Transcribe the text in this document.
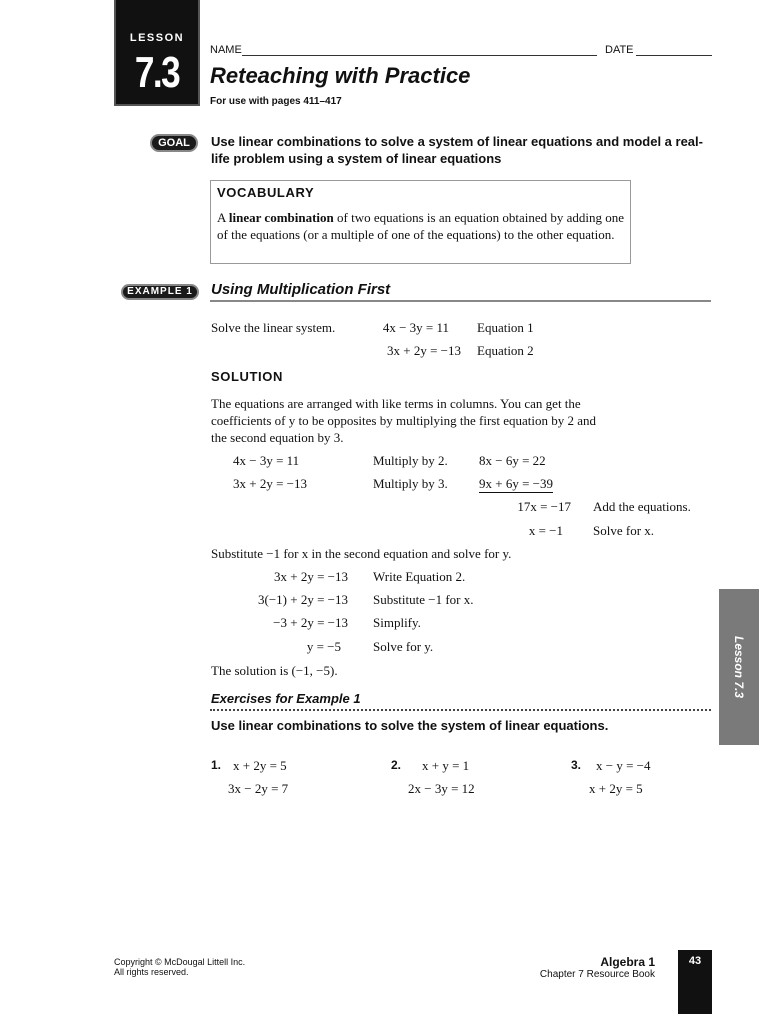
LESSON
7.3	NAME	DATE
Reteaching with Practice
For use with pages 411–417
GOAL	Use linear combinations to solve a system of linear equations and model a real-life problem using a system of linear equations
VOCABULARY
A linear combination of two equations is an equation obtained by adding one of the equations (or a multiple of one of the equations) to the other equation.
EXAMPLE 1	Using Multiplication First
Solve the linear system.	4x − 3y = 11 Equation 1
3x + 2y = −13 Equation 2
SOLUTION
The equations are arranged with like terms in columns. You can get the coefficients of y to be opposites by multiplying the first equation by 2 and the second equation by 3.
4x − 3y = 11	Multiply by 2. 8x − 6y = 22
3x + 2y = −13	Multiply by 3. 9x + 6y = −39
17x = −17 Add the equations.
x = −1 Solve for x.
Substitute −1 for x in the second equation and solve for y.
3x + 2y = −13 Write Equation 2.
3(−1) + 2y = −13 Substitute −1 for x.
−3 + 2y = −13 Simplify.
y = −5 Solve for y.
The solution is (−1, −5).
Exercises for Example 1
Use linear combinations to solve the system of linear equations.
1. x + 2y = 5
3x − 2y = 7
2. x + y = 1
2x − 3y = 12
3. x − y = −4
x + 2y = 5
Lesson 7.3
Copyright © McDougal Littell Inc.
All rights reserved.
Algebra 1
Chapter 7 Resource Book
43
